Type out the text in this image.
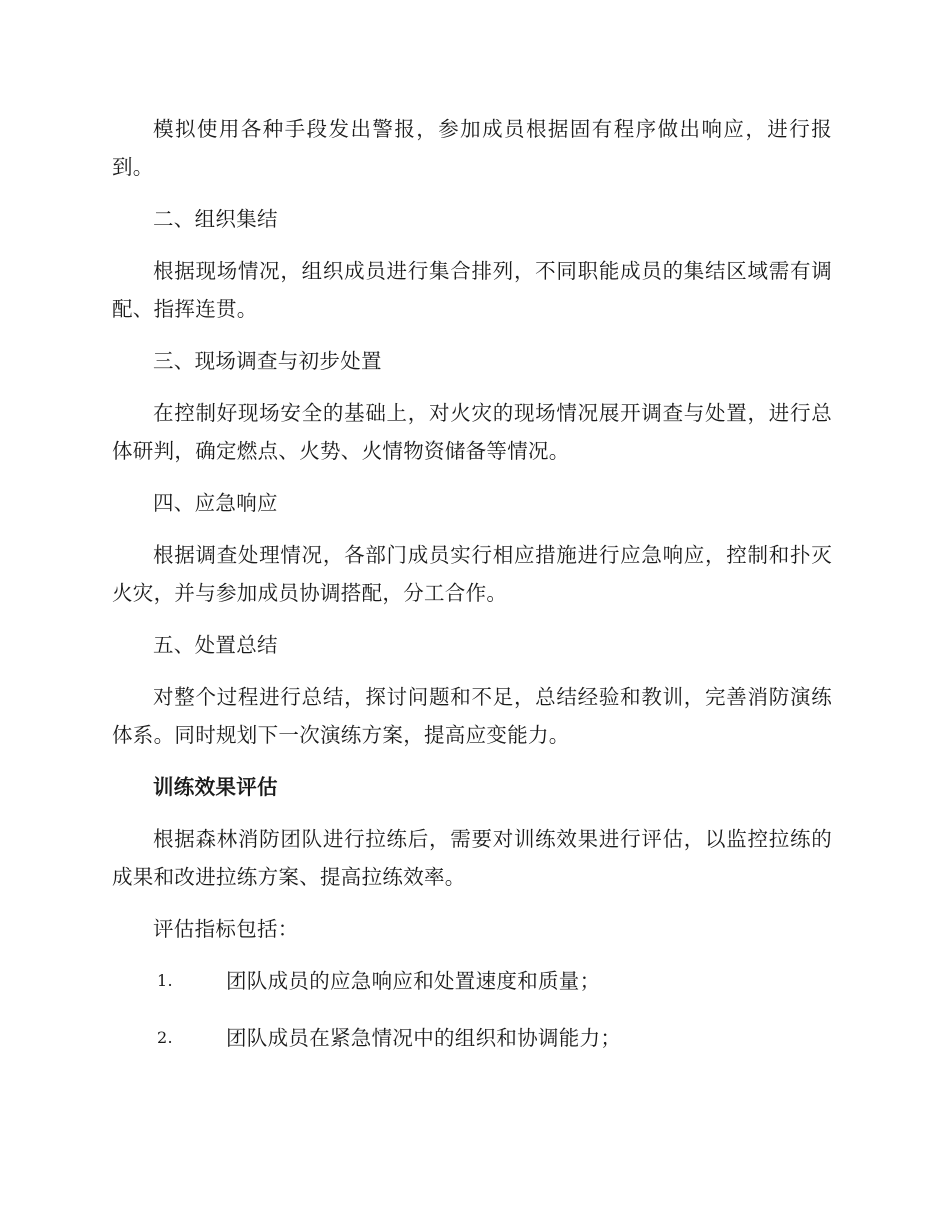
模拟使用各种手段发出警报，参加成员根据固有程序做出响应，进行报到。

二、组织集结

根据现场情况，组织成员进行集合排列，不同职能成员的集结区域需有调配、指挥连贯。

三、现场调查与初步处置

在控制好现场安全的基础上，对火灾的现场情况展开调查与处置，进行总体研判，确定燃点、火势、火情物资储备等情况。

四、应急响应

根据调查处理情况，各部门成员实行相应措施进行应急响应，控制和扑灭火灾，并与参加成员协调搭配，分工合作。

五、处置总结

对整个过程进行总结，探讨问题和不足，总结经验和教训，完善消防演练体系。同时规划下一次演练方案，提高应变能力。

训练效果评估

根据森林消防团队进行拉练后，需要对训练效果进行评估，以监控拉练的成果和改进拉练方案、提高拉练效率。

评估指标包括：

1.	团队成员的应急响应和处置速度和质量；
2.	团队成员在紧急情况中的组织和协调能力；
